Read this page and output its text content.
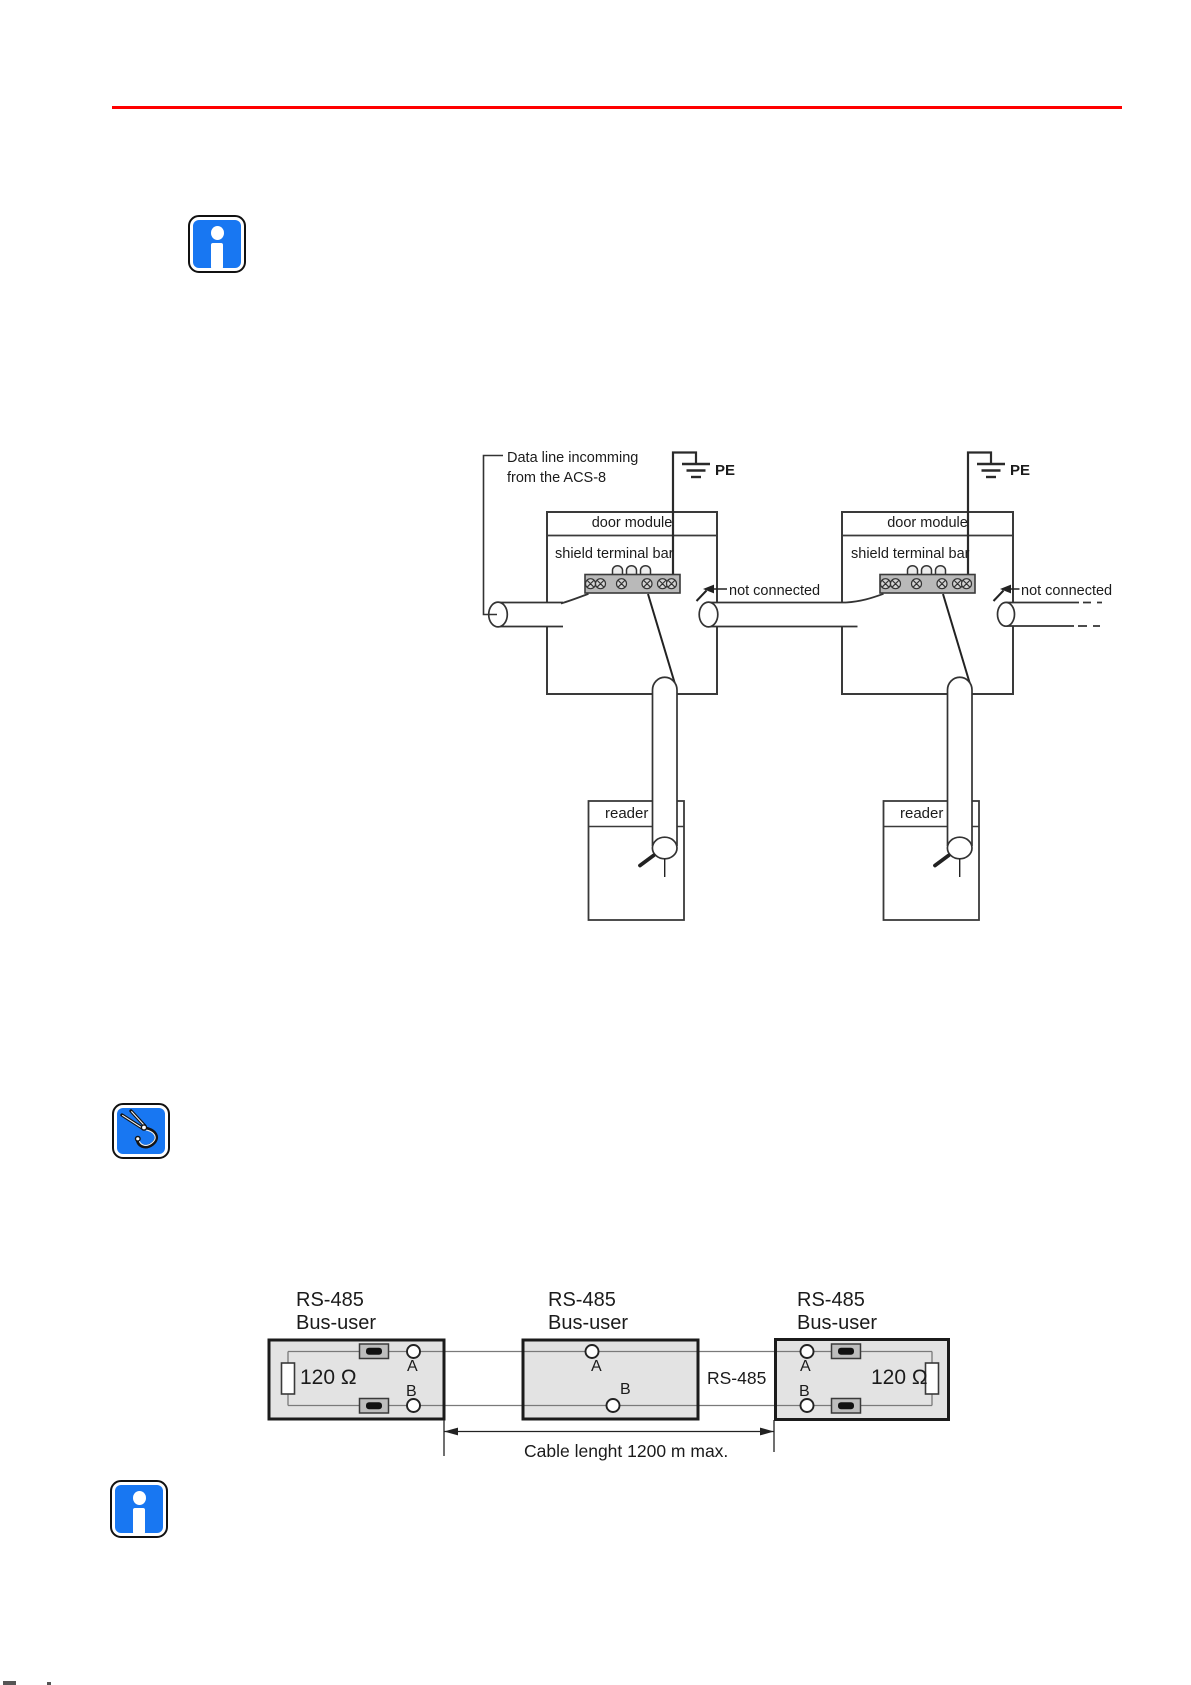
Data line incomming
from the ACS-8	PE	PE
door module	door module
shield terminal bar	shield terminal bar
not connected	not connected
reader	reader
RS-485
Bus-user
RS-485
Bus-user
RS-485
Bus-user
120 Ω	120 Ω
A
B
A
B
A
B
RS-485
Cable lenght 1200 m max.
